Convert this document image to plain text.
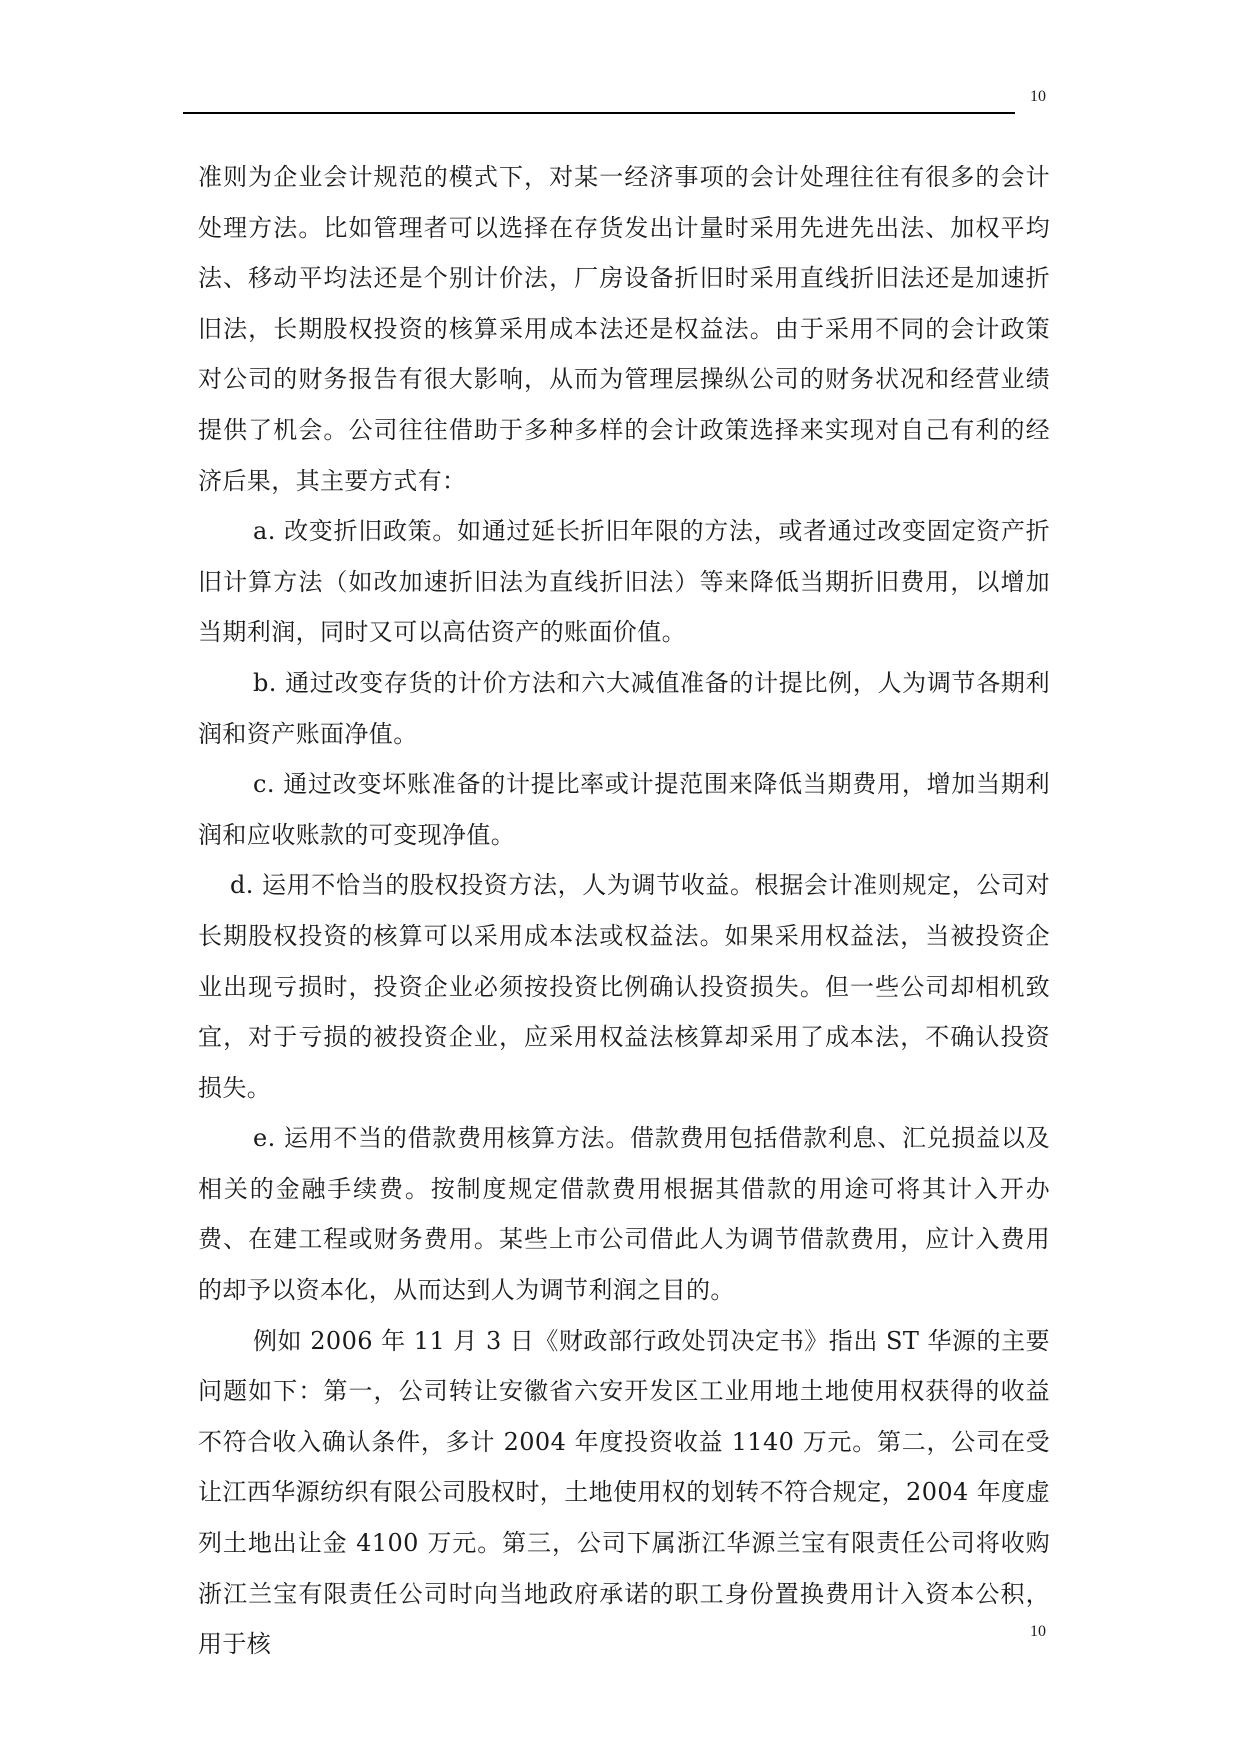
10

准则为企业会计规范的模式下，对某一经济事项的会计处理往往有很多的会计处理方法。比如管理者可以选择在存货发出计量时采用先进先出法、加权平均法、移动平均法还是个别计价法，厂房设备折旧时采用直线折旧法还是加速折旧法，长期股权投资的核算采用成本法还是权益法。由于采用不同的会计政策对公司的财务报告有很大影响，从而为管理层操纵公司的财务状况和经营业绩提供了机会。公司往往借助于多种多样的会计政策选择来实现对自己有利的经济后果，其主要方式有：

a. 改变折旧政策。如通过延长折旧年限的方法，或者通过改变固定资产折旧计算方法（如改加速折旧法为直线折旧法）等来降低当期折旧费用，以增加当期利润，同时又可以高估资产的账面价值。

b. 通过改变存货的计价方法和六大减值准备的计提比例，人为调节各期利润和资产账面净值。

c. 通过改变坏账准备的计提比率或计提范围来降低当期费用，增加当期利润和应收账款的可变现净值。

d. 运用不恰当的股权投资方法，人为调节收益。根据会计准则规定，公司对长期股权投资的核算可以采用成本法或权益法。如果采用权益法，当被投资企业出现亏损时，投资企业必须按投资比例确认投资损失。但一些公司却相机致宜，对于亏损的被投资企业，应采用权益法核算却采用了成本法，不确认投资损失。

e. 运用不当的借款费用核算方法。借款费用包括借款利息、汇兑损益以及相关的金融手续费。按制度规定借款费用根据其借款的用途可将其计入开办费、在建工程或财务费用。某些上市公司借此人为调节借款费用，应计入费用的却予以资本化，从而达到人为调节利润之目的。

例如 2006 年 11 月 3 日《财政部行政处罚决定书》指出 ST 华源的主要问题如下：第一，公司转让安徽省六安开发区工业用地土地使用权获得的收益不符合收入确认条件，多计 2004 年度投资收益 1140 万元。第二，公司在受让江西华源纺织有限公司股权时，土地使用权的划转不符合规定，2004 年度虚列土地出让金 4100 万元。第三，公司下属浙江华源兰宝有限责任公司将收购浙江兰宝有限责任公司时向当地政府承诺的职工身份置换费用计入资本公积，用于核	10
